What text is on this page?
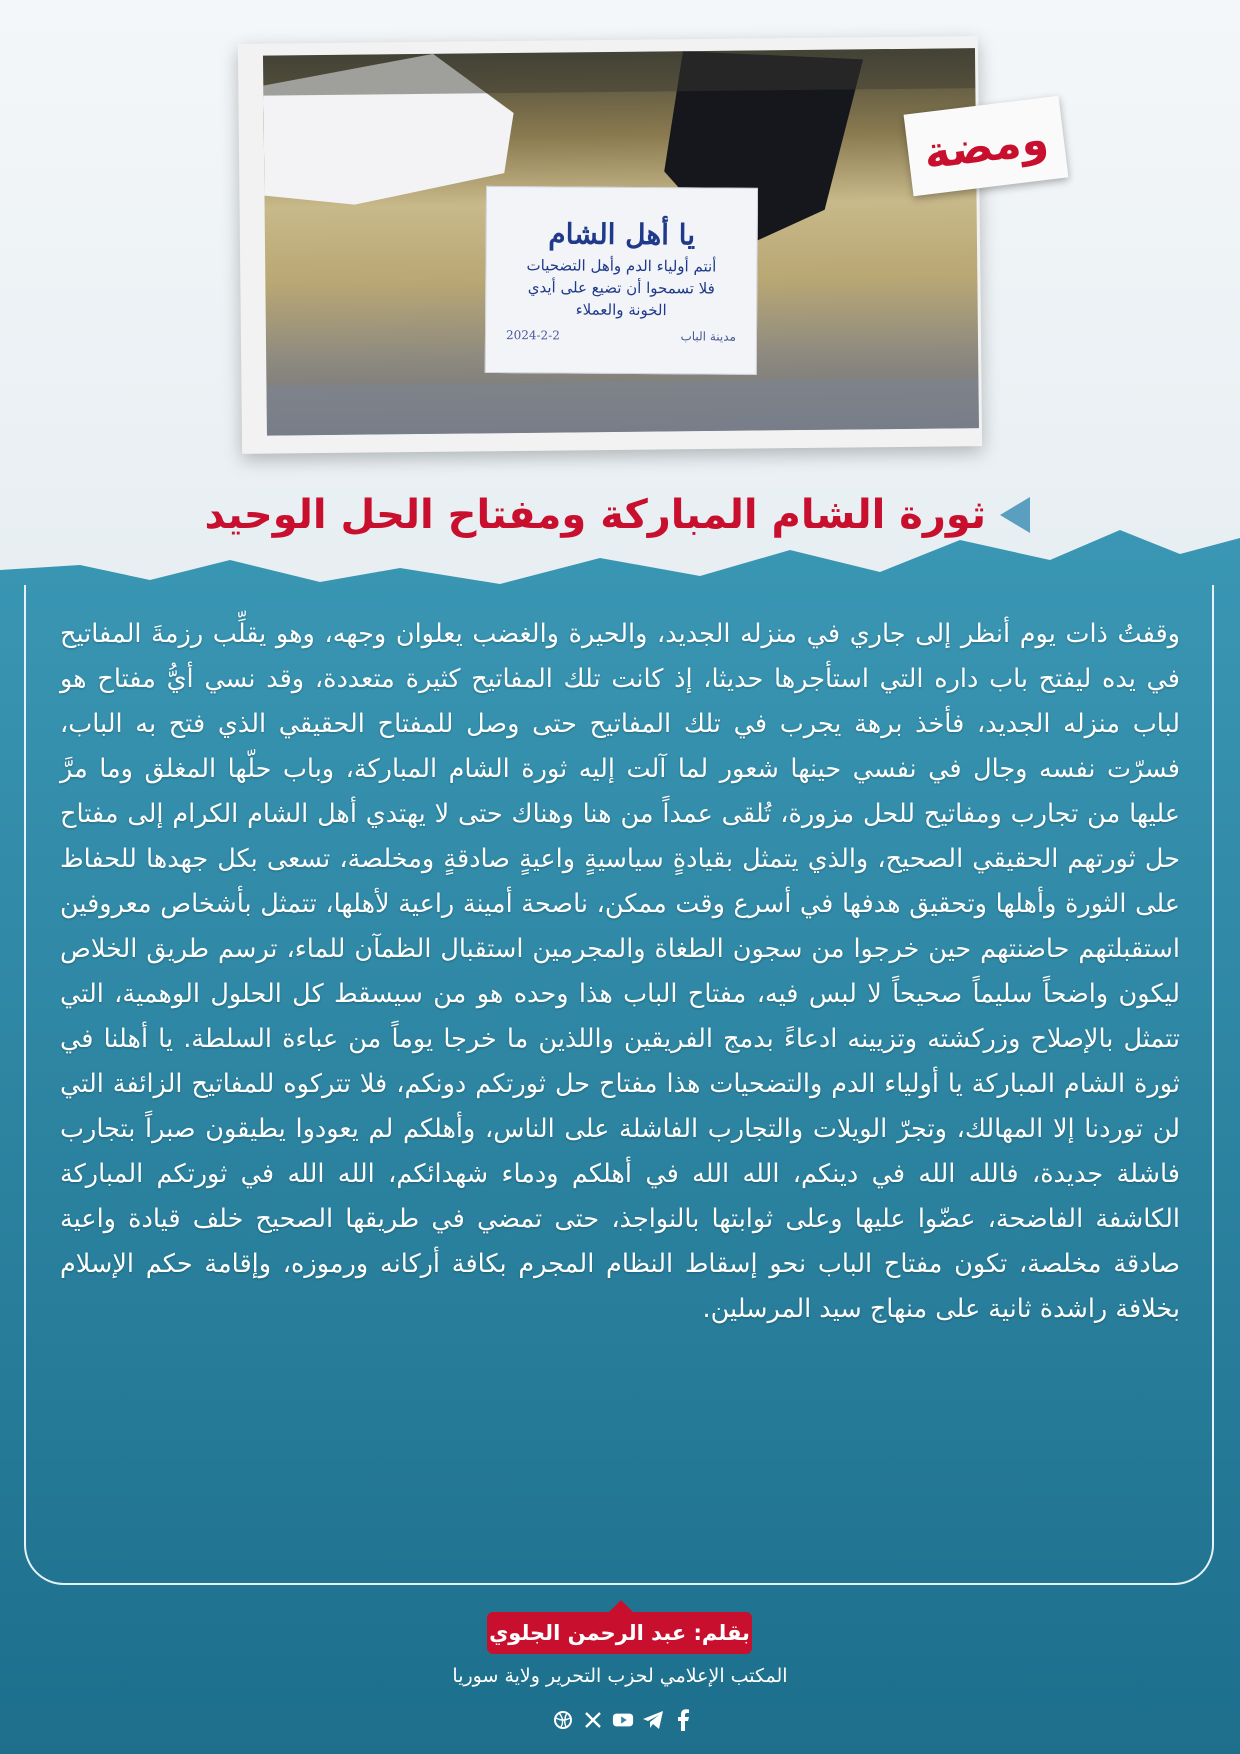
يا أهل الشام
أنتم أولياء الدم وأهل التضحيات
فلا تسمحوا أن تضيع على أيدي
الخونة والعملاء
مدينة الباب
2024-2-2
ومضة
ثورة الشام المباركة ومفتاح الحل الوحيد

وقفتُ ذات يوم أنظر إلى جاري في منزله الجديد، والحيرة والغضب يعلوان وجهه، وهو يقلِّب رزمةَ المفاتيح في يده ليفتح باب داره التي استأجرها حديثا، إذ كانت تلك المفاتيح كثيرة متعددة، وقد نسي أيُّ مفتاح هو لباب منزله الجديد، فأخذ برهة يجرب في تلك المفاتيح حتى وصل للمفتاح الحقيقي الذي فتح به الباب، فسرّت نفسه وجال في نفسي حينها شعور لما آلت إليه ثورة الشام المباركة، وباب حلّها المغلق وما مرَّ عليها من تجارب ومفاتيح للحل مزورة، تُلقى عمداً من هنا وهناك حتى لا يهتدي أهل الشام الكرام إلى مفتاح حل ثورتهم الحقيقي الصحيح، والذي يتمثل بقيادةٍ سياسيةٍ واعيةٍ صادقةٍ ومخلصة، تسعى بكل جهدها للحفاظ على الثورة وأهلها وتحقيق هدفها في أسرع وقت ممكن، ناصحة أمينة راعية لأهلها، تتمثل بأشخاص معروفين استقبلتهم حاضنتهم حين خرجوا من سجون الطغاة والمجرمين استقبال الظمآن للماء، ترسم طريق الخلاص ليكون واضحاً سليماً صحيحاً لا لبس فيه، مفتاح الباب هذا وحده هو من سيسقط كل الحلول الوهمية، التي تتمثل بالإصلاح وزركشته وتزيينه ادعاءً بدمج الفريقين واللذين ما خرجا يوماً من عباءة السلطة. يا أهلنا في ثورة الشام المباركة يا أولياء الدم والتضحيات هذا مفتاح حل ثورتكم دونكم، فلا تتركوه للمفاتيح الزائفة التي لن توردنا إلا المهالك، وتجرّ الويلات والتجارب الفاشلة على الناس، وأهلكم لم يعودوا يطيقون صبراً بتجارب فاشلة جديدة، فالله الله في دينكم، الله الله في أهلكم ودماء شهدائكم، الله الله في ثورتكم المباركة الكاشفة الفاضحة، عضّوا عليها وعلى ثوابتها بالنواجذ، حتى تمضي في طريقها الصحيح خلف قيادة واعية صادقة مخلصة، تكون مفتاح الباب نحو إسقاط النظام المجرم بكافة أركانه ورموزه، وإقامة حكم الإسلام بخلافة راشدة ثانية على منهاج سيد المرسلين.

بقلم: عبد الرحمن الجلوي
المكتب الإعلامي لحزب التحرير ولاية سوريا
